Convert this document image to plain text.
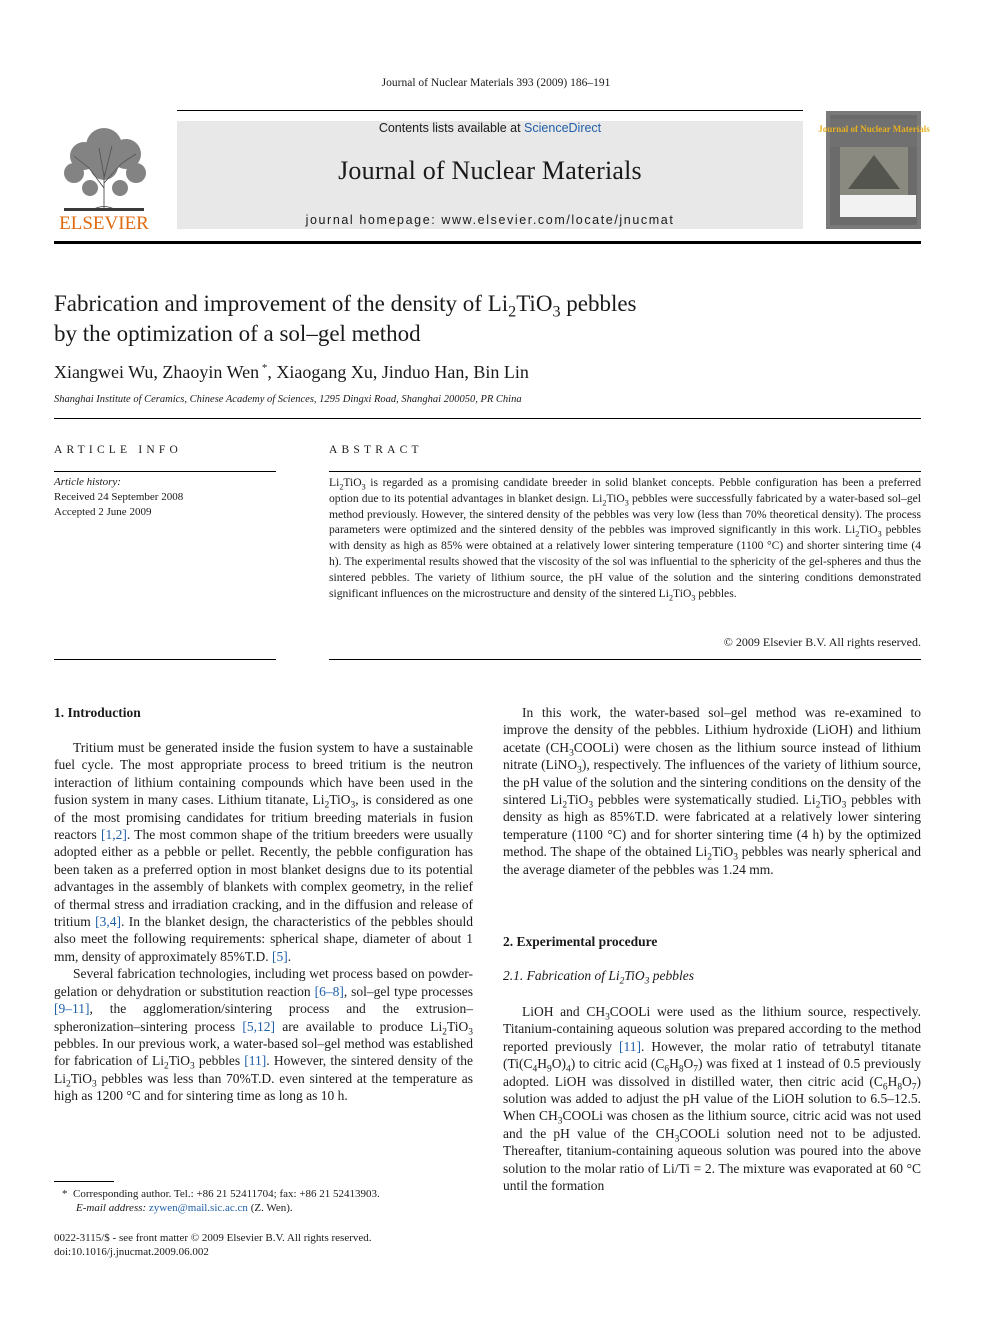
Journal of Nuclear Materials 393 (2009) 186–191
ELSEVIER
Contents lists available at ScienceDirect
Journal of Nuclear Materials
journal homepage: www.elsevier.com/locate/jnucmat
Journal of Nuclear Materials
Fabrication and improvement of the density of $Li_2TiO_3$ pebbles
by the optimization of a sol–gel method
Xiangwei Wu, Zhaoyin Wen *, Xiaogang Xu, Jinduo Han, Bin Lin
Shanghai Institute of Ceramics, Chinese Academy of Sciences, 1295 Dingxi Road, Shanghai 200050, PR China
ARTICLE INFO
Article history:
Received 24 September 2008
Accepted 2 June 2009
ABSTRACT
$Li_2TiO_3$ is regarded as a promising candidate breeder in solid blanket concepts. Pebble configuration has been a preferred option due to its potential advantages in blanket design. $Li_2TiO_3$ pebbles were successfully fabricated by a water-based sol–gel method previously. However, the sintered density of the pebbles was very low (less than 70% theoretical density). The process parameters were optimized and the sintered density of the pebbles was improved significantly in this work. $Li_2TiO_3$ pebbles with density as high as 85% were obtained at a relatively lower sintering temperature (1100 °C) and shorter sintering time (4 h). The experimental results showed that the viscosity of the sol was influential to the sphericity of the gel-spheres and thus the sintered pebbles. The variety of lithium source, the pH value of the solution and the sintering conditions demonstrated significant influences on the microstructure and density of the sintered $Li_2TiO_3$ pebbles.
© 2009 Elsevier B.V. All rights reserved.
1. Introduction

Tritium must be generated inside the fusion system to have a sustainable fuel cycle. The most appropriate process to breed tritium is the neutron interaction of lithium containing compounds which have been used in the fusion system in many cases. Lithium titanate, $Li_2TiO_3$, is considered as one of the most promising candidates for tritium breeding materials in fusion reactors [1,2]. The most common shape of the tritium breeders were usually adopted either as a pebble or pellet. Recently, the pebble configuration has been taken as a preferred option in most blanket designs due to its potential advantages in the assembly of blankets with complex geometry, in the relief of thermal stress and irradiation cracking, and in the diffusion and release of tritium [3,4]. In the blanket design, the characteristics of the pebbles should also meet the following requirements: spherical shape, diameter of about 1 mm, density of approximately 85%T.D. [5].

Several fabrication technologies, including wet process based on powder-gelation or dehydration or substitution reaction [6–8], sol–gel type processes [9–11], the agglomeration/sintering process and the extrusion–spheronization–sintering process [5,12] are available to produce $Li_2TiO_3$ pebbles. In our previous work, a water-based sol–gel method was established for fabrication of $Li_2TiO_3$ pebbles [11]. However, the sintered density of the $Li_2TiO_3$ pebbles was less than 70%T.D. even sintered at the temperature as high as 1200 °C and for sintering time as long as 10 h.

* Corresponding author. Tel.: +86 21 52411704; fax: +86 21 52413903.
E-mail address: zywen@mail.sic.ac.cn (Z. Wen).
0022-3115/$ - see front matter © 2009 Elsevier B.V. All rights reserved.
doi:10.1016/j.jnucmat.2009.06.002

In this work, the water-based sol–gel method was re-examined to improve the density of the pebbles. Lithium hydroxide (LiOH) and lithium acetate $(CH_3COOLi)$ were chosen as the lithium source instead of lithium nitrate (LiNO$_3$), respectively. The influences of the variety of lithium source, the pH value of the solution and the sintering conditions on the density of the sintered $Li_2TiO_3$ pebbles were systematically studied. $Li_2TiO_3$ pebbles with density as high as 85%T.D. were fabricated at a relatively lower sintering temperature (1100 °C) and for shorter sintering time (4 h) by the optimized method. The shape of the obtained $Li_2TiO_3$ pebbles was nearly spherical and the average diameter of the pebbles was 1.24 mm.

2. Experimental procedure
2.1. Fabrication of $Li_2TiO_3$ pebbles

LiOH and $CH_3COOLi$ were used as the lithium source, respectively. Titanium-containing aqueous solution was prepared according to the method reported previously [11]. However, the molar ratio of tetrabutyl titanate $(Ti(C_4H_9O)_4)$ to citric acid $(C_6H_8O_7)$ was fixed at 1 instead of 0.5 previously adopted. LiOH was dissolved in distilled water, then citric acid $(C_6H_8O_7)$ solution was added to adjust the pH value of the LiOH solution to 6.5–12.5. When $CH_3COOLi$ was chosen as the lithium source, citric acid was not used and the pH value of the $CH_3COOLi$ solution need not to be adjusted. Thereafter, titanium-containing aqueous solution was poured into the above solution to the molar ratio of Li/Ti = 2. The mixture was evaporated at 60 °C until the formation
